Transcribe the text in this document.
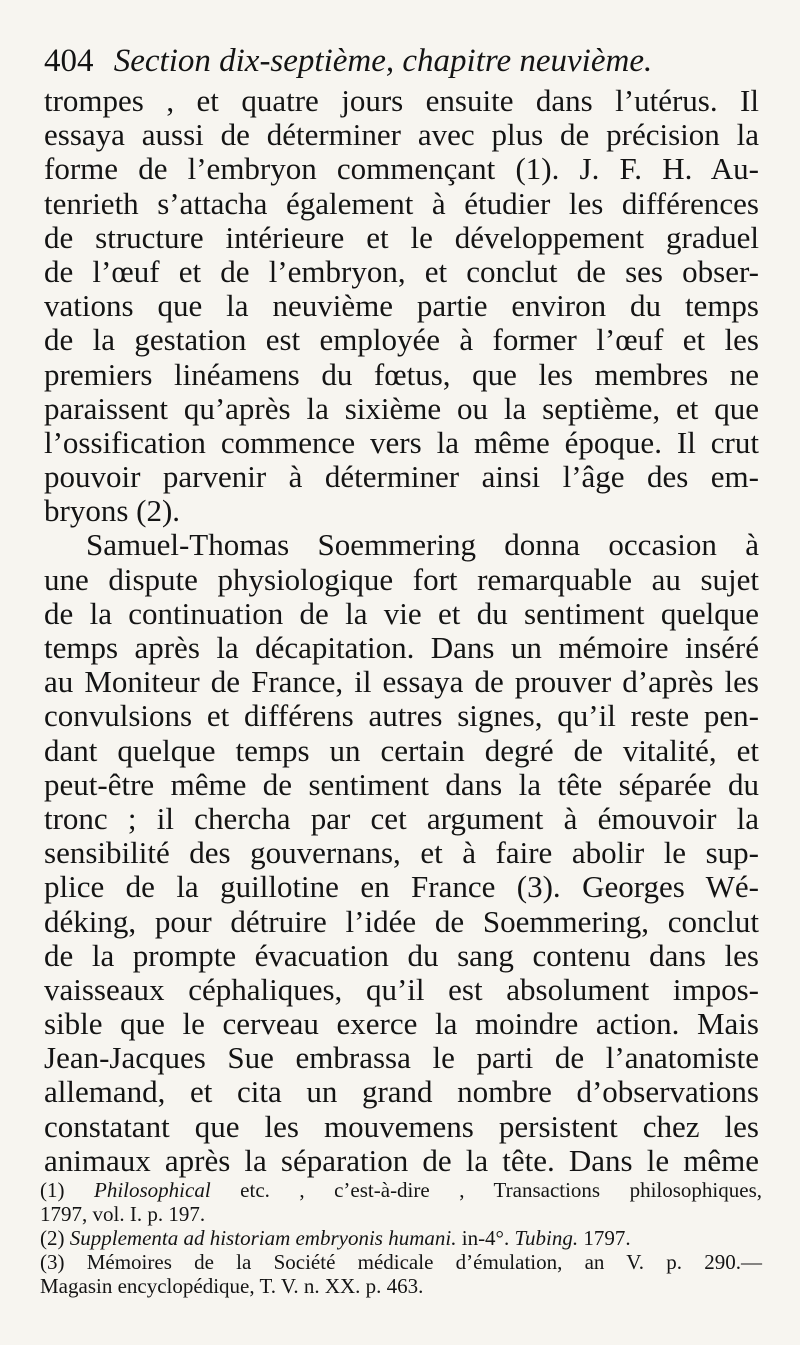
404 Section dix-septième, chapitre neuvième.
trompes , et quatre jours ensuite dans l’utérus. Il
essaya aussi de déterminer avec plus de précision la
forme de l’embryon commençant (1). J. F. H. Au-
tenrieth s’attacha également à étudier les différences
de structure intérieure et le développement graduel
de l’œuf et de l’embryon, et conclut de ses obser-
vations que la neuvième partie environ du temps
de la gestation est employée à former l’œuf et les
premiers linéamens du fœtus, que les membres ne
paraissent qu’après la sixième ou la septième, et que
l’ossification commence vers la même époque. Il crut
pouvoir parvenir à déterminer ainsi l’âge des em-
bryons (2).
Samuel-Thomas Soemmering donna occasion à
une dispute physiologique fort remarquable au sujet
de la continuation de la vie et du sentiment quelque
temps après la décapitation. Dans un mémoire inséré
au Moniteur de France, il essaya de prouver d’après les
convulsions et différens autres signes, qu’il reste pen-
dant quelque temps un certain degré de vitalité, et
peut-être même de sentiment dans la tête séparée du
tronc ; il chercha par cet argument à émouvoir la
sensibilité des gouvernans, et à faire abolir le sup-
plice de la guillotine en France (3). Georges Wé-
déking, pour détruire l’idée de Soemmering, conclut
de la prompte évacuation du sang contenu dans les
vaisseaux céphaliques, qu’il est absolument impos-
sible que le cerveau exerce la moindre action. Mais
Jean-Jacques Sue embrassa le parti de l’anatomiste
allemand, et cita un grand nombre d’observations
constatant que les mouvemens persistent chez les
animaux après la séparation de la tête. Dans le même
(1) Philosophical etc. , c’est-à-dire , Transactions philosophiques,
1797, vol. I. p. 197.
(2) Supplementa ad historiam embryonis humani. in-4°. Tubing. 1797.
(3) Mémoires de la Société médicale d’émulation, an V. p. 290.—
Magasin encyclopédique, T. V. n. XX. p. 463.
